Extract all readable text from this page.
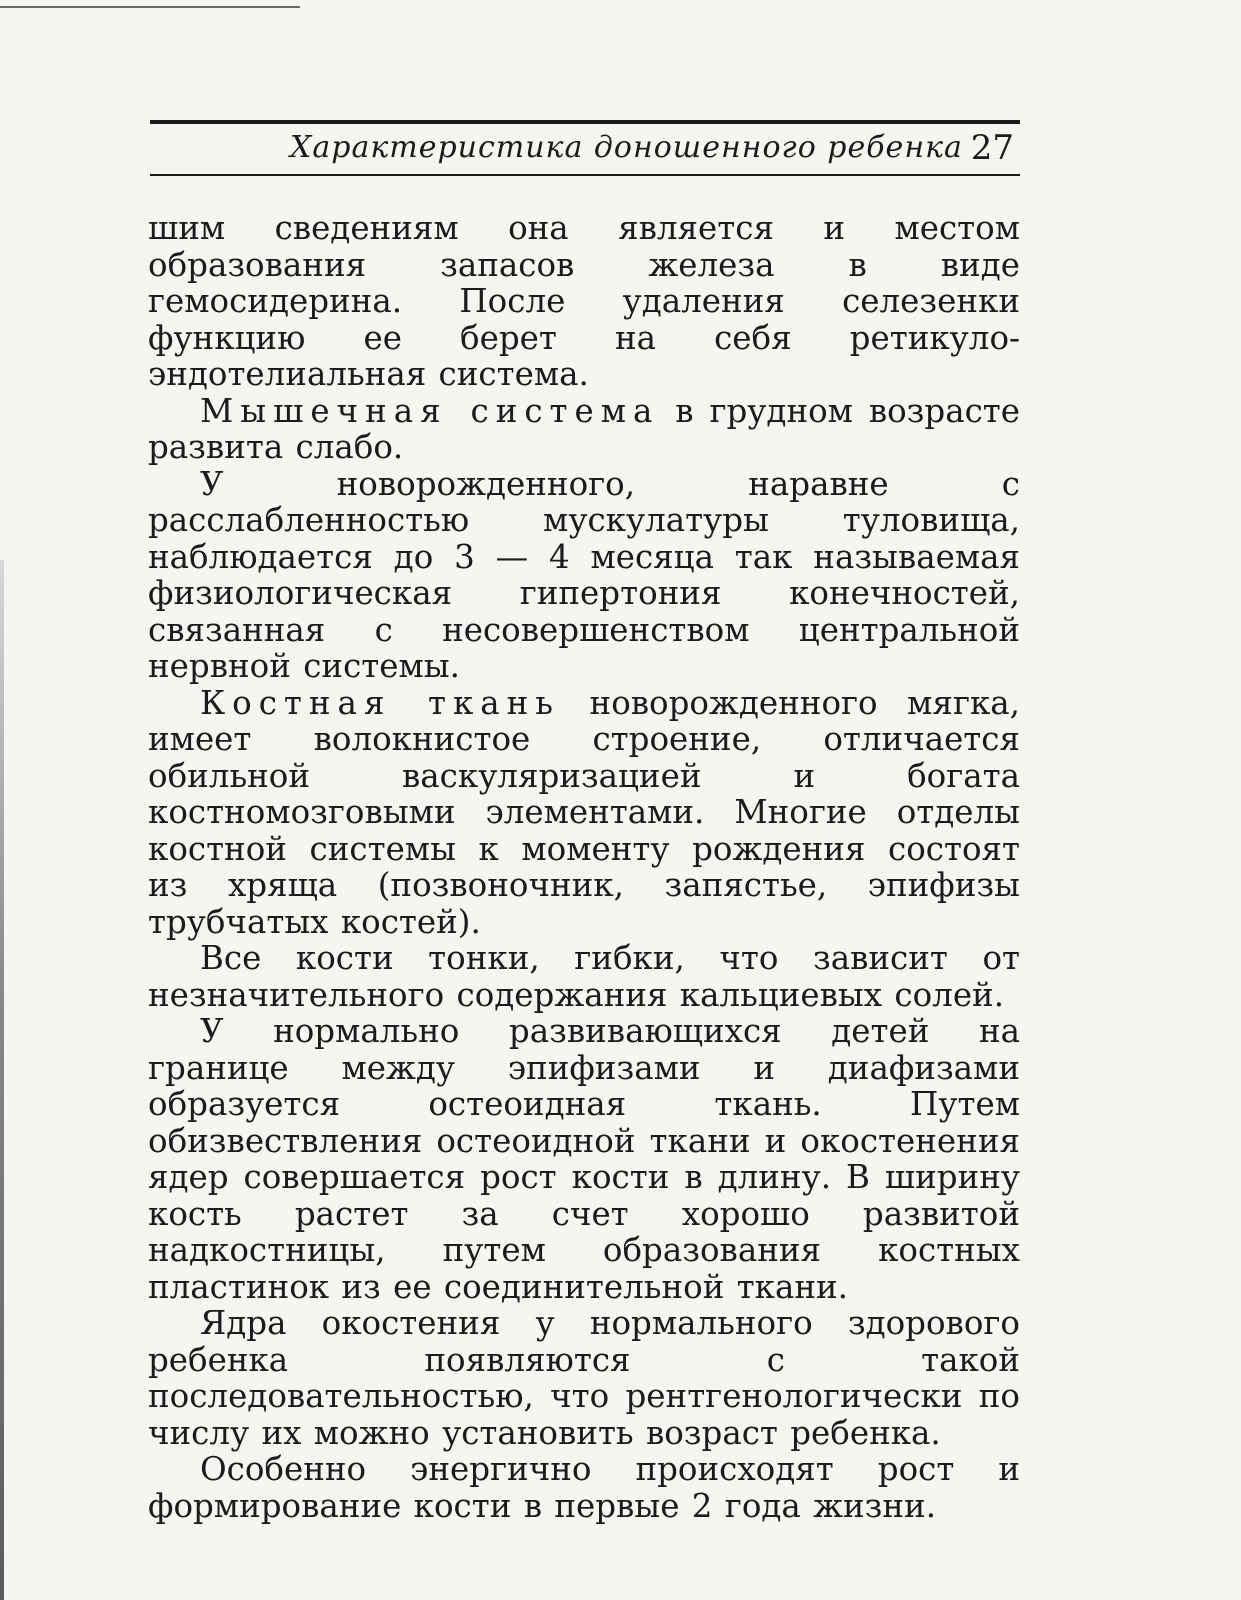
Характеристика доношенного ребенка 27

шим сведениям она является и местом образования запасов железа в виде гемосидерина. После удаления селезенки функцию ее берет на себя ретикуло-эндотелиальная система.

Мышечная система в грудном возрасте развита слабо.

У новорожденного, наравне с расслабленностью мускулатуры туловища, наблюдается до 3 — 4 месяца так называемая физиологическая гипертония конечностей, связанная с несовершенством центральной нервной системы.

Костная ткань новорожденного мягка, имеет волокнистое строение, отличается обильной васкуляризацией и богата костномозговыми элементами. Многие отделы костной системы к моменту рождения состоят из хряща (позвоночник, запястье, эпифизы трубчатых костей).

Все кости тонки, гибки, что зависит от незначительного содержания кальциевых солей.

У нормально развивающихся детей на границе между эпифизами и диафизами образуется остеоидная ткань. Путем обизвествления остеоидной ткани и окостенения ядер совершается рост кости в длину. В ширину кость растет за счет хорошо развитой надкостницы, путем образования костных пластинок из ее соединительной ткани.

Ядра окостения у нормального здорового ребенка появляются с такой последовательностью, что рентгенологически по числу их можно установить возраст ребенка.

Особенно энергично происходят рост и формирование кости в первые 2 года жизни.
